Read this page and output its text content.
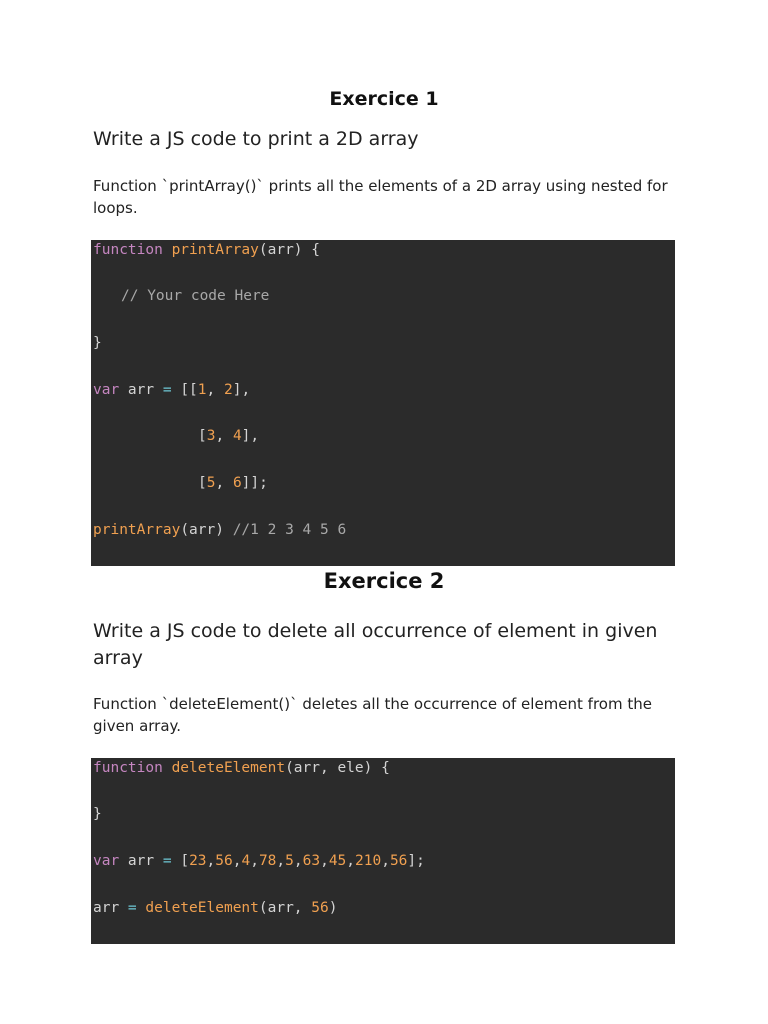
Exercice 1
Write a JS code to print a 2D array
Function `printArray()` prints all the elements of a 2D array using nested for loops.

function printArray(arr) {

// Your code Here

}

var arr = [[1, 2],

[3, 4],

[5, 6]];

printArray(arr) //1 2 3 4 5 6

Exercice 2
Write a JS code to delete all occurrence of element in given array
Function `deleteElement()` deletes all the occurrence of element from the given array.

function deleteElement(arr, ele) {

}

var arr = [23,56,4,78,5,63,45,210,56];

arr = deleteElement(arr, 56)
